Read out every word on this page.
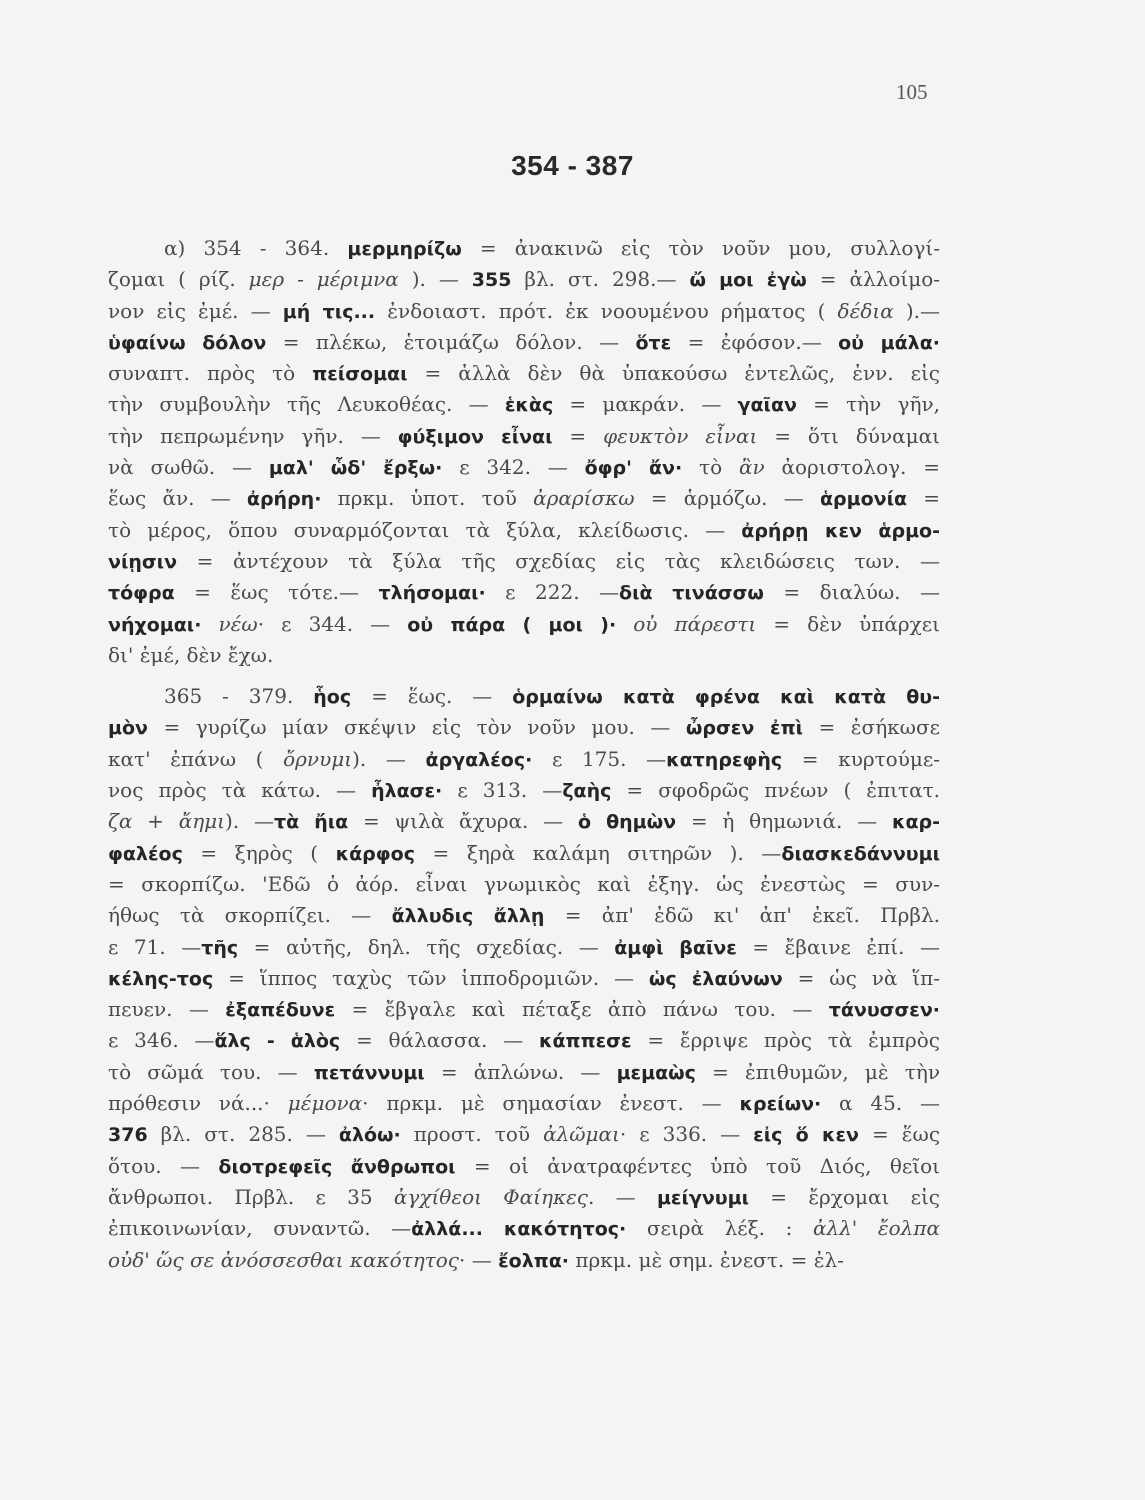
105
354 - 387
α) 354 - 364. μερμηρίζω = ἀνακινῶ εἰς τὸν νοῦν μου, συλλογί-
ζομαι ( ρίζ. μερ - μέριμνα ). — 355 βλ. στ. 298.— ὤ μοι ἐγὼ = ἀλλοίμο-
νον εἰς ἐμέ. — μή τις... ἐνδοιαστ. πρότ. ἐκ νοουμένου ρήματος ( δέδια ).—
ὑφαίνω δόλον = πλέκω, ἑτοιμάζω δόλον. — ὅτε = ἐφόσον.— οὐ μάλα·
συναπτ. πρὸς τὸ πείσομαι = ἀλλὰ δὲν θὰ ὑπακούσω ἐντελῶς, ἐνν. εἰς
τὴν συμβουλὴν τῆς Λευκοθέας. — ἑκὰς = μακράν. — γαῖαν = τὴν γῆν,
τὴν πεπρωμένην γῆν. — φύξιμον εἶναι = φευκτὸν εἶναι = ὅτι δύναμαι
νὰ σωθῶ. — μαλ' ὧδ' ἔρξω· ε 342. — ὄφρ' ἄν· τὸ ἂν ἀοριστολογ. =
ἕως ἄν. — ἀρήρη· πρκμ. ὑποτ. τοῦ ἀραρίσκω = ἁρμόζω. — ἁρμονία =
τὸ μέρος, ὅπου συναρμόζονται τὰ ξύλα, κλείδωσις. — ἀρήρῃ κεν ἁρμο-
νίῃσιν = ἀντέχουν τὰ ξύλα τῆς σχεδίας εἰς τὰς κλειδώσεις των. —
τόφρα = ἕως τότε.— τλήσομαι· ε 222. —διὰ τινάσσω = διαλύω. —
νήχομαι· νέω· ε 344. — οὐ πάρα ( μοι )· οὐ πάρεστι = δὲν ὑπάρχει
δι' ἐμέ, δὲν ἔχω.
365 - 379. ἧος = ἕως. — ὁρμαίνω κατὰ φρένα καὶ κατὰ θυ-
μὸν = γυρίζω μίαν σκέψιν εἰς τὸν νοῦν μου. — ὦρσεν ἐπὶ = ἐσήκωσε
κατ' ἐπάνω ( ὄρνυμι). — ἀργαλέος· ε 175. —κατηρεφὴς = κυρτούμε-
νος πρὸς τὰ κάτω. — ἦλασε· ε 313. —ζαὴς = σφοδρῶς πνέων ( ἐπιτατ.
ζα + ἄημι). —τὰ ἤια = ψιλὰ ἄχυρα. — ὁ θημὼν = ἡ θημωνιά. — καρ-
φαλέος = ξηρὸς ( κάρφος = ξηρὰ καλάμη σιτηρῶν ). —διασκεδάννυμι
= σκορπίζω. 'Εδῶ ὁ ἀόρ. εἶναι γνωμικὸς καὶ ἐξηγ. ὡς ἐνεστὼς = συν-
ήθως τὰ σκορπίζει. — ἄλλυδις ἄλλῃ = ἀπ' ἐδῶ κι' ἀπ' ἐκεῖ. Πρβλ.
ε 71. —τῆς = αὐτῆς, δηλ. τῆς σχεδίας. — ἀμφὶ βαῖνε = ἔβαινε ἐπί. —
κέλης-τος = ἵππος ταχὺς τῶν ἱπποδρομιῶν. — ὡς ἐλαύνων = ὡς νὰ ἵπ-
πευεν. — ἐξαπέδυνε = ἔβγαλε καὶ πέταξε ἀπὸ πάνω του. — τάνυσσεν·
ε 346. —ἅλς - ἁλὸς = θάλασσα. — κάππεσε = ἔρριψε πρὸς τὰ ἐμπρὸς
τὸ σῶμά του. — πετάννυμι = ἁπλώνω. — μεμαὼς = ἐπιθυμῶν, μὲ τὴν
πρόθεσιν νά...· μέμονα· πρκμ. μὲ σημασίαν ἐνεστ. — κρείων· α 45. —
376 βλ. στ. 285. — ἀλόω· προστ. τοῦ ἀλῶμαι· ε 336. — εἰς ὅ κεν = ἕως
ὅτου. — διοτρεφεῖς ἄνθρωποι = οἱ ἀνατραφέντες ὑπὸ τοῦ Διός, θεῖοι
ἄνθρωποι. Πρβλ. ε 35 ἀγχίθεοι Φαίηκες. — μείγνυμι = ἔρχομαι εἰς
ἐπικοινωνίαν, συναντῶ. —ἀλλά... κακότητος· σειρὰ λέξ. : ἀλλ' ἔολπα
οὐδ' ὥς σε ἀνόσσεσθαι κακότητος· — ἔολπα· πρκμ. μὲ σημ. ἐνεστ. = ἐλ-
